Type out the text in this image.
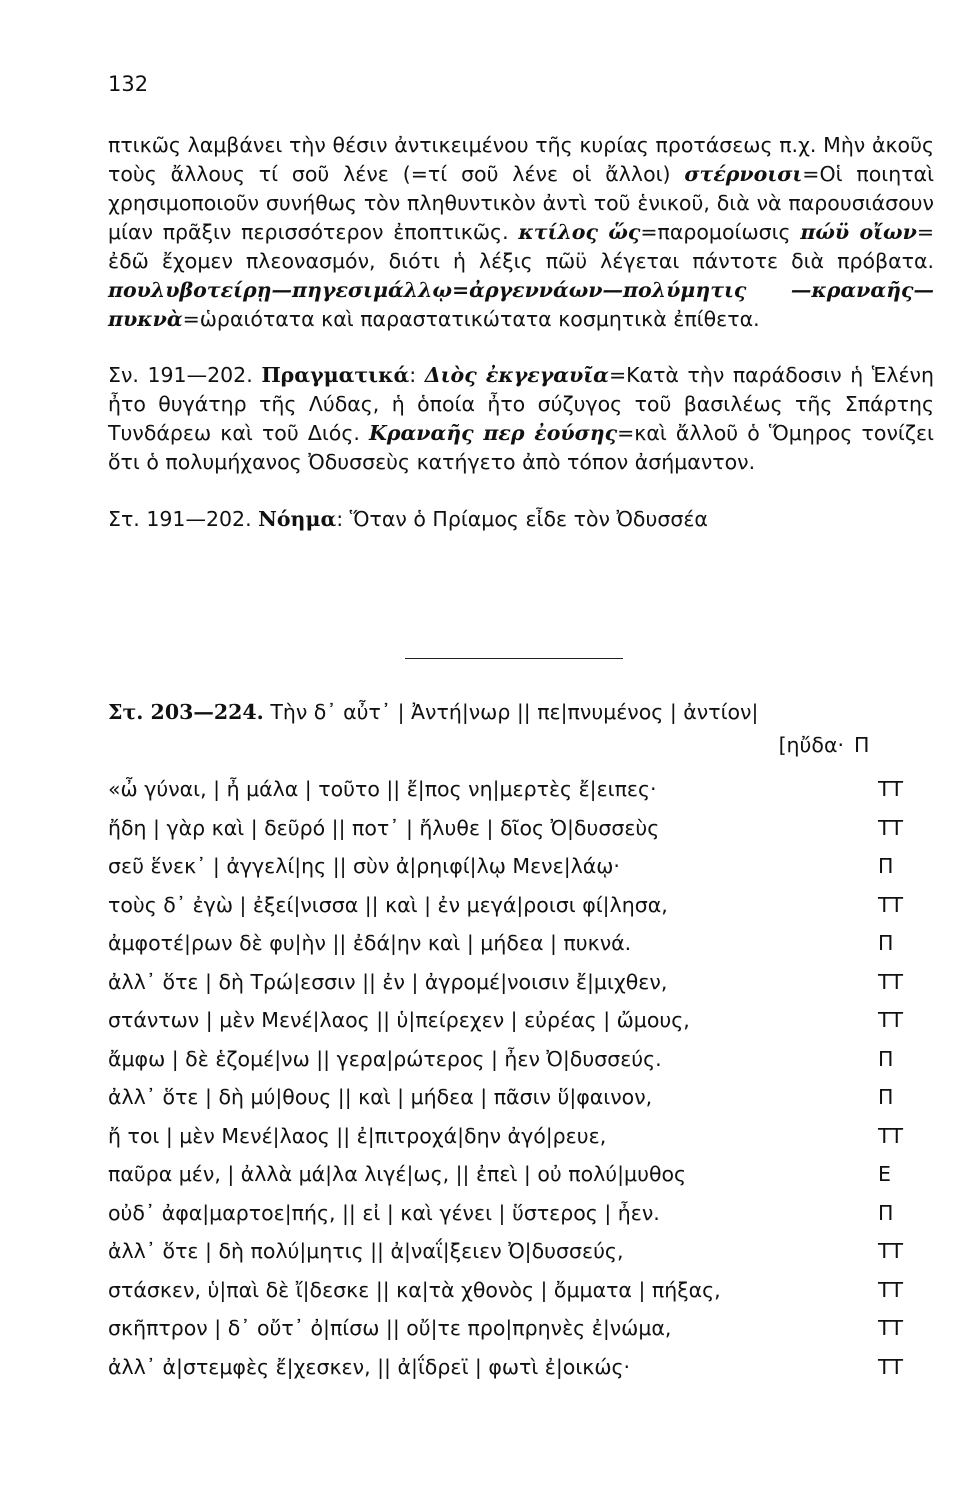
132

πτικῶς λαμβάνει τὴν θέσιν ἀντικειμένου τῆς κυρίας προτάσεως π.χ. Μὴν ἀκοῦς τοὺς ἄλλους τί σοῦ λένε (=τί σοῦ λένε οἱ ἄλλοι) στέρνοισι=Οἱ ποιηταὶ χρησιμοποιοῦν συνήθως τὸν πληθυντικὸν ἀντὶ τοῦ ἑνικοῦ, διὰ νὰ παρουσιάσουν μίαν πρᾶξιν περισσότερον ἐποπτικῶς. κτίλος ὥς=παρομοίωσις πώϋ οἴων= ἐδῶ ἔχομεν πλεονασμόν, διότι ἡ λέξις πῶϋ λέγεται πάντοτε διὰ πρόβατα. πουλυβοτείρῃ—πηγεσιμάλλῳ=ἀργεννάων—πολύμητις —κραναῆς—πυκνὰ=ὡραιότατα καὶ παραστατικώτατα κοσμητικὰ ἐπίθετα.

Σν. 191—202. Πραγματικά: Διὸς ἐκγεγαυῖα=Κατὰ τὴν παράδοσιν ἡ Ἑλένη ἦτο θυγάτηρ τῆς Λύδας, ἡ ὁποία ἦτο σύζυγος τοῦ βασιλέως τῆς Σπάρτης Τυνδάρεω καὶ τοῦ Διός. Κραναῆς περ ἐούσης=καὶ ἄλλοῦ ὁ Ὅμηρος τονίζει ὅτι ὁ πολυμήχανος Ὀδυσσεὺς κατήγετο ἀπὸ τόπον ἀσήμαντον.

Στ. 191—202. Νόημα: Ὅταν ὁ Πρίαμος εἶδε τὸν Ὀδυσσέα

Στ. 203—224. Τὴν δ᾿ αὖτ᾿ | Ἀντή|νωρ || πε|πνυμένος | ἀντίον|
[ηὔδα· Π
«ὦ γύναι, | ἦ μάλα | τοῦτο || ἔ|πος νη|μερτὲς ἔ|ειπες·	ΤΤ
ἤδη | γὰρ καὶ | δεῦρό || ποτ᾿ | ἤλυθε | δῖος Ὀ|δυσσεὺς	ΤΤ
σεῦ ἕνεκ᾿ | ἀγγελί|ης || σὺν ἀ|ρηιφί|λῳ Μενε|λάῳ·	Π
τοὺς δ᾿ ἐγὼ | ἐξεί|νισσα || καὶ | ἐν μεγά|ροισι φί|λησα,	ΤΤ
ἀμφοτέ|ρων δὲ φυ|ὴν || ἐδά|ην καὶ | μήδεα | πυκνά.	Π
ἀλλ᾿ ὅτε | δὴ Τρώ|εσσιν || ἐν | ἀγρομέ|νοισιν ἔ|μιχθεν,	ΤΤ
στάντων | μὲν Μενέ|λαος || ὑ|πείρεχεν | εὐρέας | ὤμους,	ΤΤ
ἄμφω | δὲ ἑζομέ|νω || γερα|ρώτερος | ἦεν Ὀ|δυσσεύς.	Π
ἀλλ᾿ ὅτε | δὴ μύ|θους || καὶ | μήδεα | πᾶσιν ὕ|φαινον,	Π
ἤ τοι | μὲν Μενέ|λαος || ἐ|πιτροχά|δην ἀγό|ρευε,	ΤΤ
παῦρα μέν, | ἀλλὰ μά|λα λιγέ|ως, || ἐπεὶ | οὐ πολύ|μυθος	Ε
οὐδ᾿ ἀφα|μαρτοε|πής, || εἰ | καὶ γένει | ὕστερος | ἦεν.	Π
ἀλλ᾿ ὅτε | δὴ πολύ|μητις || ἀ|ναΐ|ξειεν Ὀ|δυσσεύς,	ΤΤ
στάσκεν, ὑ|παὶ δὲ ἴ|δεσκε || κα|τὰ χθονὸς | ὄμματα | πήξας,	ΤΤ
σκῆπτρον | δ᾿ οὔτ᾿ ὀ|πίσω || οὔ|τε προ|πρηνὲς ἐ|νώμα,	ΤΤ
ἀλλ᾿ ἀ|στεμφὲς ἔ|χεσκεν, || ἀ|ΐδρεϊ | φωτὶ ἐ|οικώς·	ΤΤ
